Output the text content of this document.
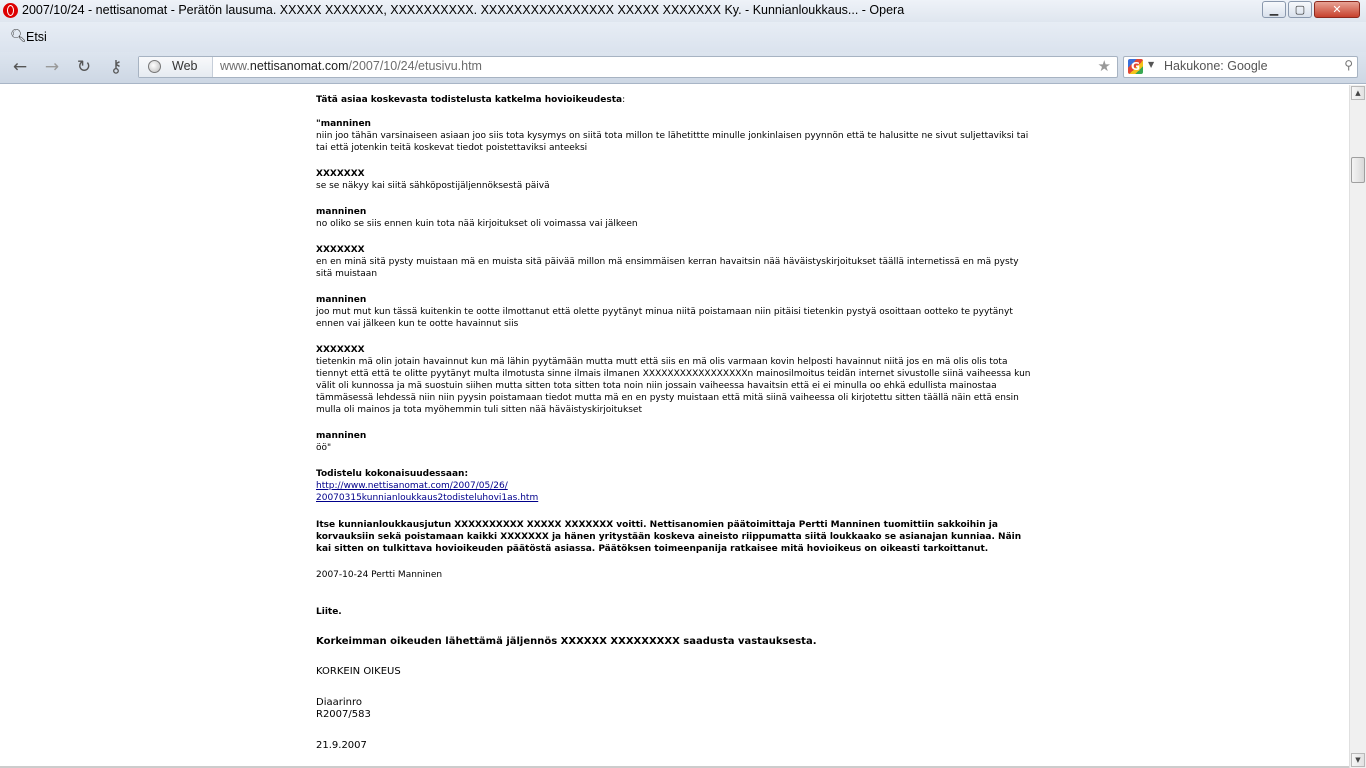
2007/10/24 - nettisanomat - Perätön lausuma. XXXXX XXXXXXX, XXXXXXXXXX. XXXXXXXXXXXXXXXX XXXXX XXXXXXX Ky. - Kunnianloukkaus... - Opera	▁	▢	✕
🔍︎ Etsi
← → ↻	⚷	Web www.nettisanomat.com/2007/10/24/etusivu.htm	★ G ▼ Hakukone: Google	⚲

Tätä asiaa koskevasta todistelusta katkelma hovioikeudesta:

"manninen
niin joo tähän varsinaiseen asiaan joo siis tota kysymys on siitä tota millon te lähetittte minulle jonkinlaisen pyynnön että te halusitte ne sivut suljettaviksi tai tai että jotenkin teitä koskevat tiedot poistettaviksi anteeksi

XXXXXXX
se se näkyy kai siitä sähköpostijäljennöksestä päivä

manninen
no oliko se siis ennen kuin tota nää kirjoitukset oli voimassa vai jälkeen

XXXXXXX
en en minä sitä pysty muistaan mä en muista sitä päivää millon mä ensimmäisen kerran havaitsin nää häväistyskirjoitukset täällä internetissä en mä pysty sitä muistaan

manninen
joo mut mut kun tässä kuitenkin te ootte ilmottanut että olette pyytänyt minua niitä poistamaan niin pitäisi tietenkin pystyä osoittaan ootteko te pyytänyt ennen vai jälkeen kun te ootte havainnut siis

XXXXXXX
tietenkin mä olin jotain havainnut kun mä lähin pyytämään mutta mutt että siis en mä olis varmaan kovin helposti havainnut niitä jos en mä olis olis tota tiennyt että että te olitte pyytänyt multa ilmotusta sinne ilmais ilmanen XXXXXXXXXXXXXXXXXn mainosilmoitus teidän internet sivustolle siinä vaiheessa kun välit oli kunnossa ja mä suostuin siihen mutta sitten tota sitten tota noin niin jossain vaiheessa havaitsin että ei ei minulla oo ehkä edullista mainostaa tämmäsessä lehdessä niin niin pyysin poistamaan tiedot mutta mä en en pysty muistaan että mitä siinä vaiheessa oli kirjotettu sitten täällä näin että ensin mulla oli mainos ja tota myöhemmin tuli sitten nää häväistyskirjoitukset

manninen
öö"

Todistelu kokonaisuudessaan:

http://www.nettisanomat.com/2007/05/26/
20070315kunnianloukkaus2todisteluhovi1as.htm

Itse kunnianloukkausjutun XXXXXXXXXX XXXXX XXXXXXX voitti. Nettisanomien päätoimittaja Pertti Manninen tuomittiin sakkoihin ja korvauksiin sekä poistamaan kaikki XXXXXXX ja hänen yritystään koskeva aineisto riippumatta siitä loukkaako se asianajan kunniaa. Näin kai sitten on tulkittava hovioikeuden päätöstä asiassa. Päätöksen toimeenpanija ratkaisee mitä hovioikeus on oikeasti tarkoittanut.

2007-10-24 Pertti Manninen

Liite.

Korkeimman oikeuden lähettämä jäljennös XXXXXX XXXXXXXXX saadusta vastauksesta.

KORKEIN OIKEUS

Diaarinro

R2007/583

21.9.2007

▲
▼
